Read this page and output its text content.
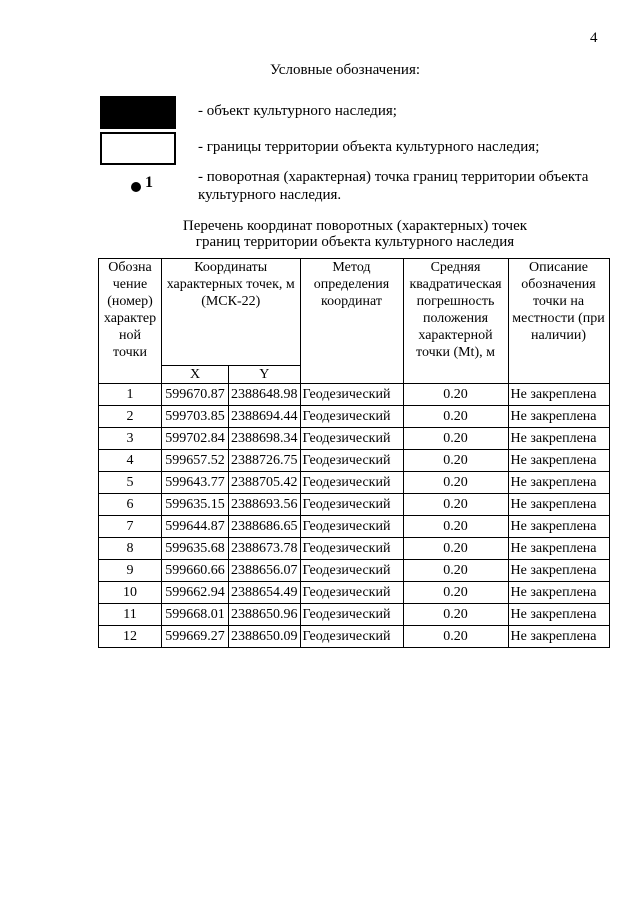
4
Условные обозначения:
- объект культурного наследия;
- границы территории объекта культурного наследия;
1	- поворотная (характерная) точка границ территории объекта культурного наследия.
Перечень координат поворотных (характерных) точек
границ территории объекта культурного наследия
Обозна чение (номер) характер ной точки	Координаты характерных точек, м (МСК-22)		Метод определения координат	Средняя квадратическая погрешность положения характерной точки (Mt), м	Описание обозначения точки на местности (при наличии)
	X	Y			
1	599670.87	2388648.98	Геодезический	0.20	Не закреплена
2	599703.85	2388694.44	Геодезический	0.20	Не закреплена
3	599702.84	2388698.34	Геодезический	0.20	Не закреплена
4	599657.52	2388726.75	Геодезический	0.20	Не закреплена
5	599643.77	2388705.42	Геодезический	0.20	Не закреплена
6	599635.15	2388693.56	Геодезический	0.20	Не закреплена
7	599644.87	2388686.65	Геодезический	0.20	Не закреплена
8	599635.68	2388673.78	Геодезический	0.20	Не закреплена
9	599660.66	2388656.07	Геодезический	0.20	Не закреплена
10	599662.94	2388654.49	Геодезический	0.20	Не закреплена
11	599668.01	2388650.96	Геодезический	0.20	Не закреплена
12	599669.27	2388650.09	Геодезический	0.20	Не закреплена
